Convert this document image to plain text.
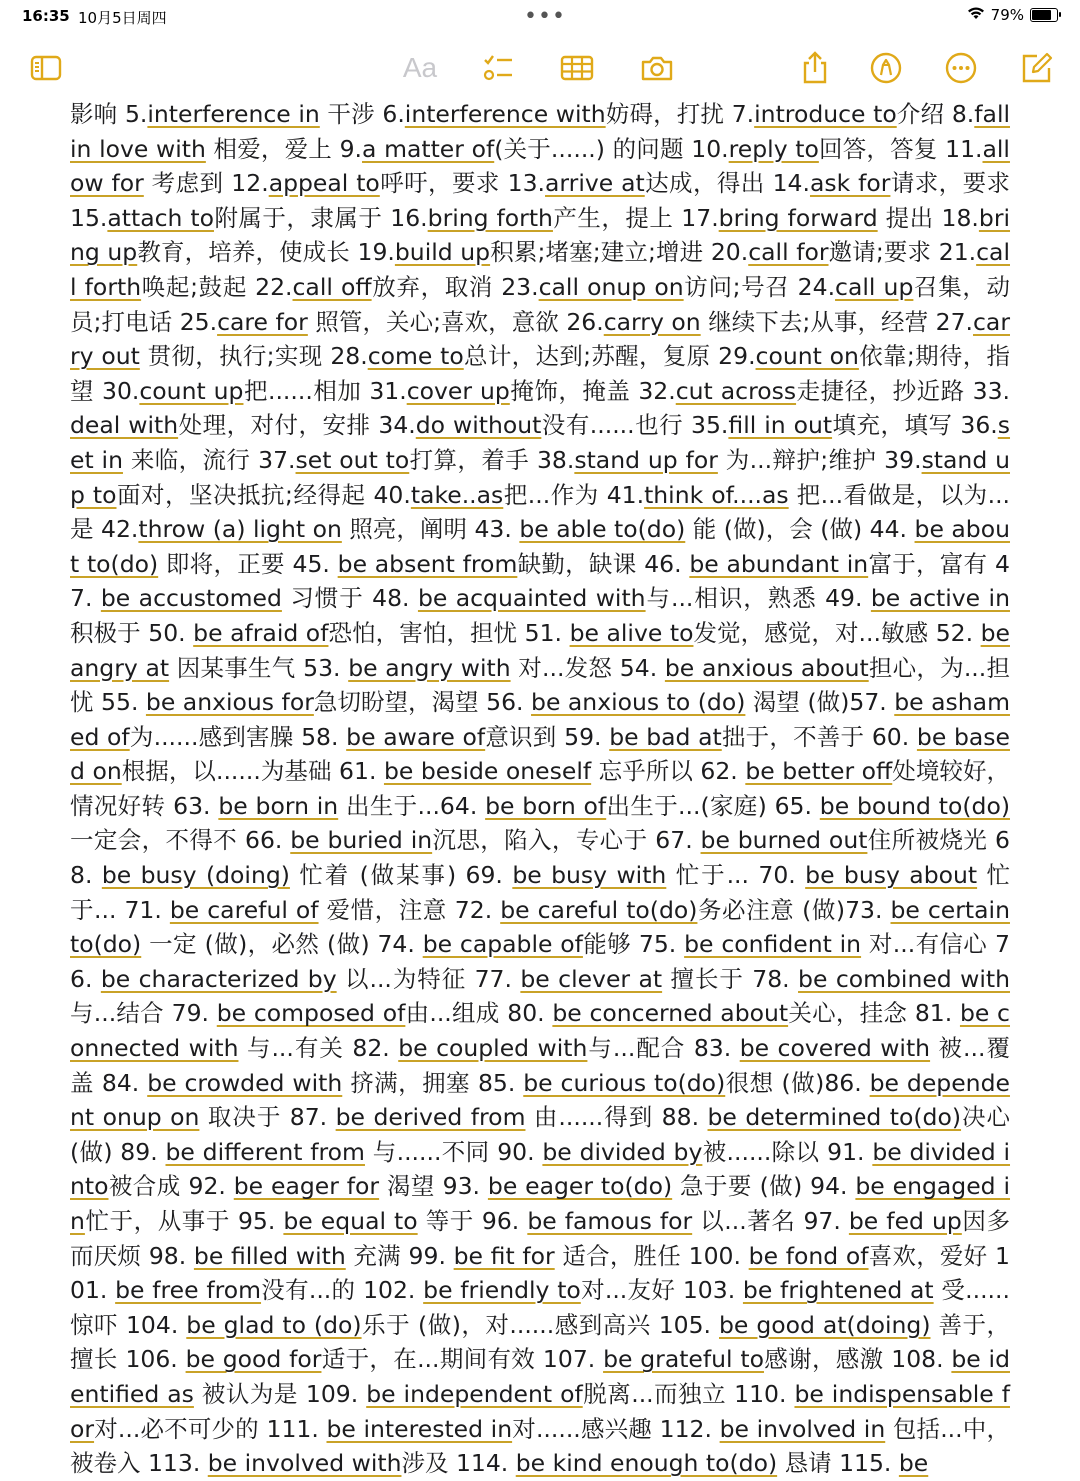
16:35 10月5日周四	•••	79%
Aa
影响 5.interference in 干涉 6.interference with妨碍，打扰 7.introduce to介绍 8.fall in love with 相爱，爱上 9.a matter of(关于......) 的问题 10.reply to回答，答复 11.allow for 考虑到 12.appeal to呼吁，要求 13.arrive at达成，得出 14.ask for请求，要求 15.attach to附属于，隶属于 16.bring forth产生，提上 17.bring forward 提出 18.bring up教育，培养，使成长 19.build up积累;堵塞;建立;增进 20.call for邀请;要求 21.call forth唤起;鼓起 22.call off放弃，取消 23.call onup on访问;号召 24.call up召集，动员;打电话 25.care for 照管，关心;喜欢，意欲 26.carry on 继续下去;从事，经营 27.carry out 贯彻，执行;实现 28.come to总计，达到;苏醒，复原 29.count on依靠;期待，指望 30.count up把......相加 31.cover up掩饰，掩盖 32.cut across走捷径，抄近路 33.deal with处理，对付，安排 34.do without没有......也行 35.fill in out填充，填写 36.set in 来临，流行 37.set out to打算，着手 38.stand up for 为...辩护;维护 39.stand up to面对，坚决抵抗;经得起 40.take..as把...作为 41.think of....as 把...看做是，以为...是 42.throw (a) light on 照亮，阐明 43. be able to(do) 能 (做)，会 (做) 44. be about to(do) 即将，正要 45. be absent from缺勤，缺课 46. be abundant in富于，富有 47. be accustomed 习惯于 48. be acquainted with与...相识，熟悉 49. be active in积极于 50. be afraid of恐怕，害怕，担忧 51. be alive to发觉，感觉，对...敏感 52. be angry at 因某事生气 53. be angry with 对...发怒 54. be anxious about担心，为...担忧 55. be anxious for急切盼望，渴望 56. be anxious to (do) 渴望 (做)57. be ashamed of为......感到害臊 58. be aware of意识到 59. be bad at拙于，不善于 60. be based on根据，以......为基础 61. be beside oneself 忘乎所以 62. be better off处境较好，情况好转 63. be born in 出生于...64. be born of出生于...(家庭) 65. be bound to(do) 一定会，不得不 66. be buried in沉思，陷入，专心于 67. be burned out住所被烧光 68. be busy (doing) 忙着 (做某事) 69. be busy with 忙于... 70. be busy about 忙于... 71. be careful of 爱惜，注意 72. be careful to(do)务必注意 (做)73. be certain to(do) 一定 (做)，必然 (做) 74. be capable of能够 75. be confident in 对...有信心 76. be characterized by 以...为特征 77. be clever at 擅长于 78. be combined with 与...结合 79. be composed of由...组成 80. be concerned about关心，挂念 81. be connected with 与...有关 82. be coupled with与...配合 83. be covered with 被...覆盖 84. be crowded with 挤满，拥塞 85. be curious to(do)很想 (做)86. be dependent onup on 取决于 87. be derived from 由......得到 88. be determined to(do)决心 (做) 89. be different from 与......不同 90. be divided by被......除以 91. be divided into被合成 92. be eager for 渴望 93. be eager to(do) 急于要 (做) 94. be engaged in忙于，从事于 95. be equal to 等于 96. be famous for 以...著名 97. be fed up因多而厌烦 98. be filled with 充满 99. be fit for 适合，胜任 100. be fond of喜欢，爱好 101. be free from没有...的 102. be friendly to对...友好 103. be frightened at 受......惊吓 104. be glad to (do)乐于 (做)，对......感到高兴 105. be good at(doing) 善于，擅长 106. be good for适于，在...期间有效 107. be grateful to感谢，感激 108. be identified as 被认为是 109. be independent of脱离...而独立 110. be indispensable for对...必不可少的 111. be interested in对......感兴趣 112. be involved in 包括...中，被卷入 113. be involved with涉及 114. be kind enough to(do) 恳请 115. be
